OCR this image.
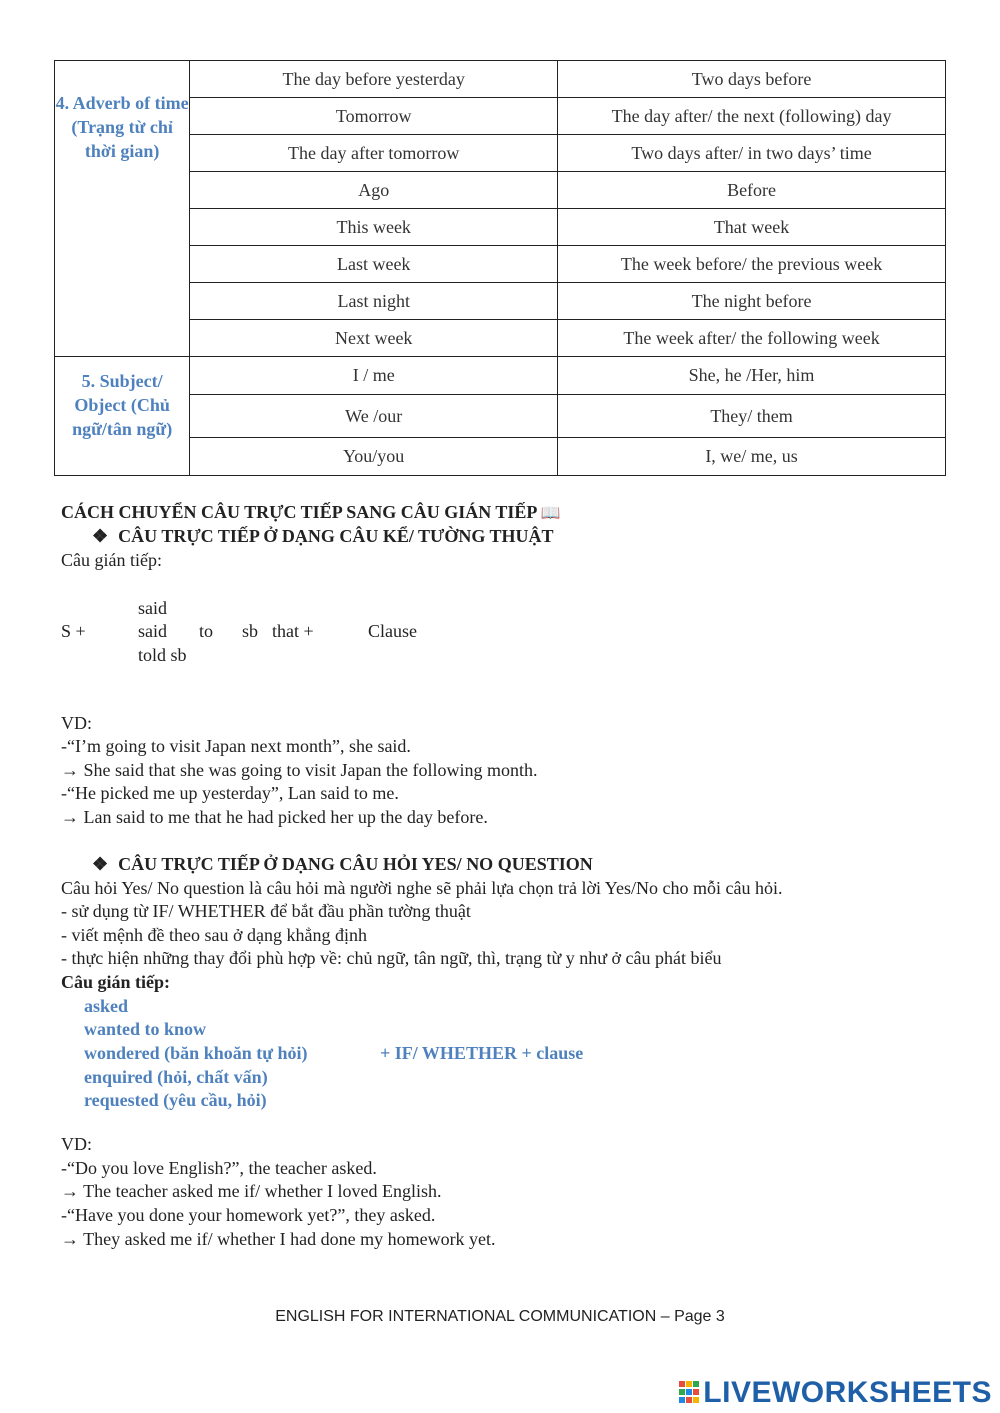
4. Adverb of time (Trạng từ chỉ thời gian)	The day before yesterday	Two days before
	Tomorrow	The day after/ the next (following) day
	The day after tomorrow	Two days after/ in two days’ time
	Ago	Before
	This week	That week
	Last week	The week before/ the previous week
	Last night	The night before
	Next week	The week after/ the following week
5. Subject/ Object (Chủ ngữ/tân ngữ)	I / me	She, he /Her, him
	We /our	They/ them
	You/you	I, we/ me, us
CÁCH CHUYỂN CÂU TRỰC TIẾP SANG CÂU GIÁN TIẾP 📖
❖ CÂU TRỰC TIẾP Ở DẠNG CÂU KỂ/ TƯỜNG THUẬT
Câu gián tiếp:
said
S +	said to sb that +	Clause
told sb
VD:
-“I’m going to visit Japan next month”, she said.
→ She said that she was going to visit Japan the following month.
-“He picked me up yesterday”, Lan said to me.
→ Lan said to me that he had picked her up the day before.
❖ CÂU TRỰC TIẾP Ở DẠNG CÂU HỎI YES/ NO QUESTION
Câu hỏi Yes/ No question là câu hỏi mà người nghe sẽ phải lựa chọn trả lời Yes/No cho mỗi câu hỏi.
- sử dụng từ IF/ WHETHER để bắt đầu phần tường thuật
- viết mệnh đề theo sau ở dạng khẳng định
- thực hiện những thay đổi phù hợp về: chủ ngữ, tân ngữ, thì, trạng từ y như ở câu phát biểu
Câu gián tiếp:
asked
wanted to know
wondered (băn khoăn tự hỏi)	+ IF/ WHETHER + clause
enquired (hỏi, chất vấn)
requested (yêu cầu, hỏi)
VD:
-“Do you love English?”, the teacher asked.
→ The teacher asked me if/ whether I loved English.
-“Have you done your homework yet?”, they asked.
→ They asked me if/ whether I had done my homework yet.
ENGLISH FOR INTERNATIONAL COMMUNICATION – Page 3
LIVEWORKSHEETS
